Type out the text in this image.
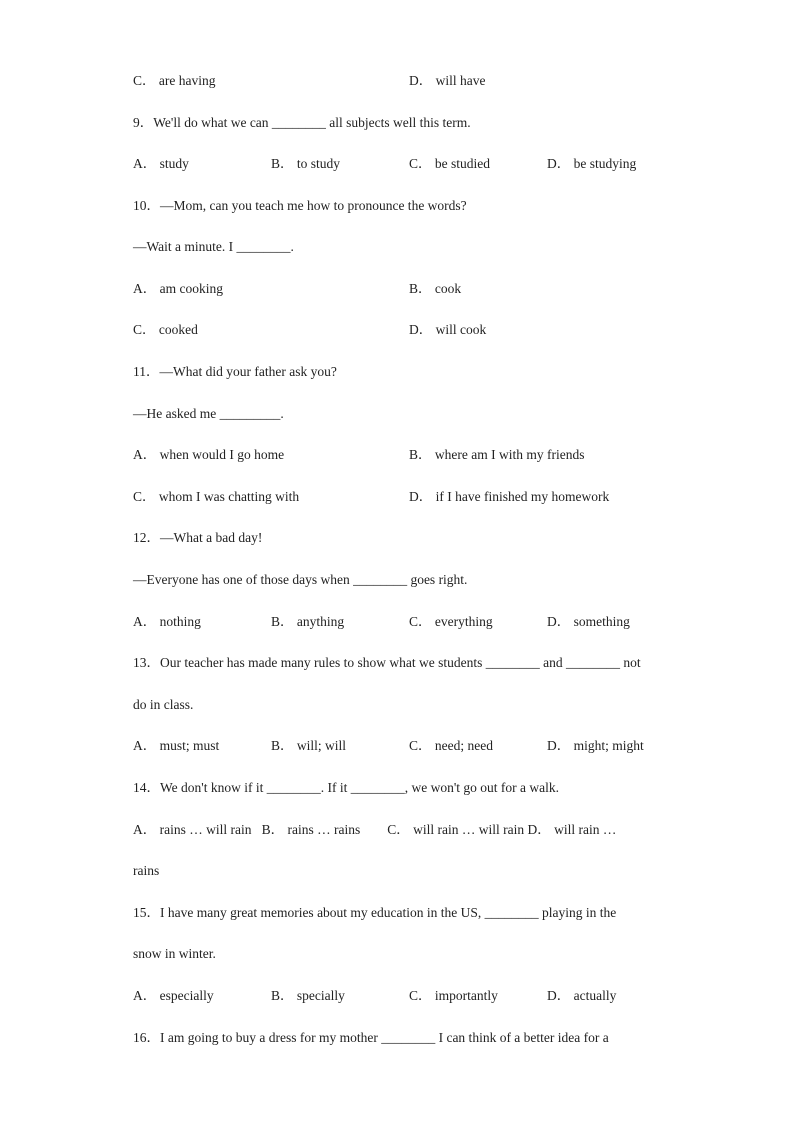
C． are having	D． will have
9．We'll do what we can ________ all subjects well this term.
A． study	B． to study	C． be studied	D． be studying
10．—Mom, can you teach me how to pronounce the words?
—Wait a minute. I ________.
A． am cooking	B． cook
C． cooked	D． will cook
11．—What did your father ask you?
—He asked me _________.
A． when would I go home	B． where am I with my friends
C． whom I was chatting with	D． if I have finished my homework
12．—What a bad day!
—Everyone has one of those days when ________ goes right.
A． nothing	B． anything	C． everything	D． something
13．Our teacher has made many rules to show what we students ________ and ________ not
do in class.
A． must; must	B． will; will	C． need; need	D． might; might
14．We don't know if it ________. If it ________, we won't go out for a walk.
A． rains … will rain   B． rains … rains        C． will rain … will rain D． will rain …
rains
15．I have many great memories about my education in the US, ________ playing in the
snow in winter.
A． especially	B． specially	C． importantly	D． actually
16．I am going to buy a dress for my mother ________ I can think of a better idea for a
